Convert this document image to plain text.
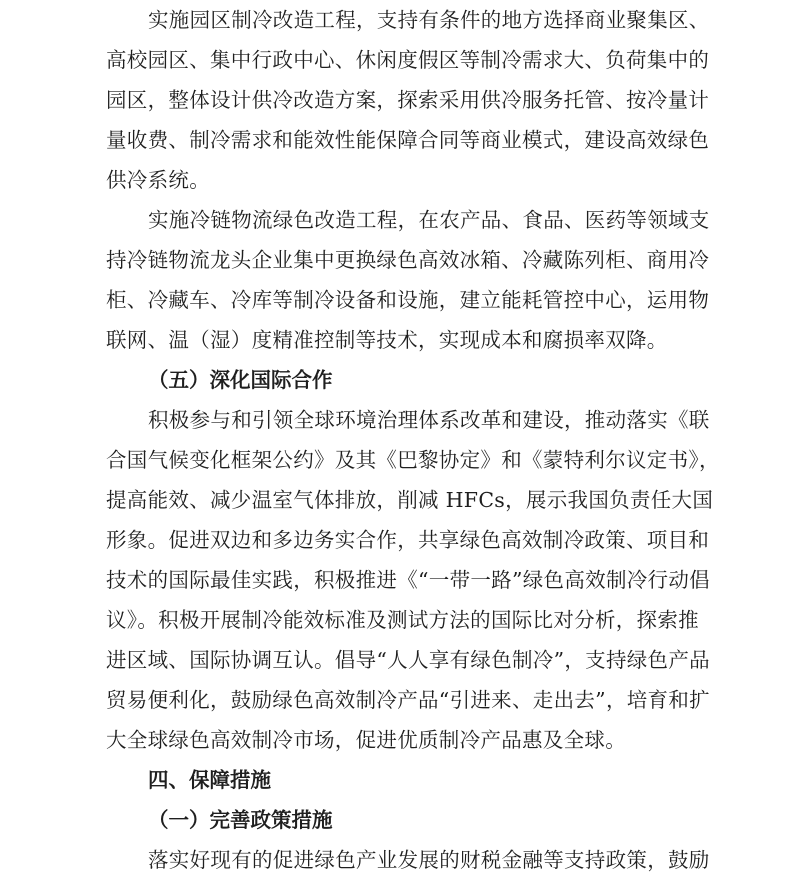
实施园区制冷改造工程，支持有条件的地方选择商业聚集区、
高校园区、集中行政中心、休闲度假区等制冷需求大、负荷集中的
园区，整体设计供冷改造方案，探索采用供冷服务托管、按冷量计
量收费、制冷需求和能效性能保障合同等商业模式，建设高效绿色
供冷系统。
实施冷链物流绿色改造工程，在农产品、食品、医药等领域支
持冷链物流龙头企业集中更换绿色高效冰箱、冷藏陈列柜、商用冷
柜、冷藏车、冷库等制冷设备和设施，建立能耗管控中心，运用物
联网、温（湿）度精准控制等技术，实现成本和腐损率双降。
（五）深化国际合作
积极参与和引领全球环境治理体系改革和建设，推动落实《联
合国气候变化框架公约》及其《巴黎协定》和《蒙特利尔议定书》，
提高能效、减少温室气体排放，削减 HFCs，展示我国负责任大国
形象。促进双边和多边务实合作，共享绿色高效制冷政策、项目和
技术的国际最佳实践，积极推进《“一带一路”绿色高效制冷行动倡
议》。积极开展制冷能效标准及测试方法的国际比对分析，探索推
进区域、国际协调互认。倡导“人人享有绿色制冷”，支持绿色产品
贸易便利化，鼓励绿色高效制冷产品“引进来、走出去”，培育和扩
大全球绿色高效制冷市场，促进优质制冷产品惠及全球。
四、保障措施
（一）完善政策措施
落实好现有的促进绿色产业发展的财税金融等支持政策，鼓励
